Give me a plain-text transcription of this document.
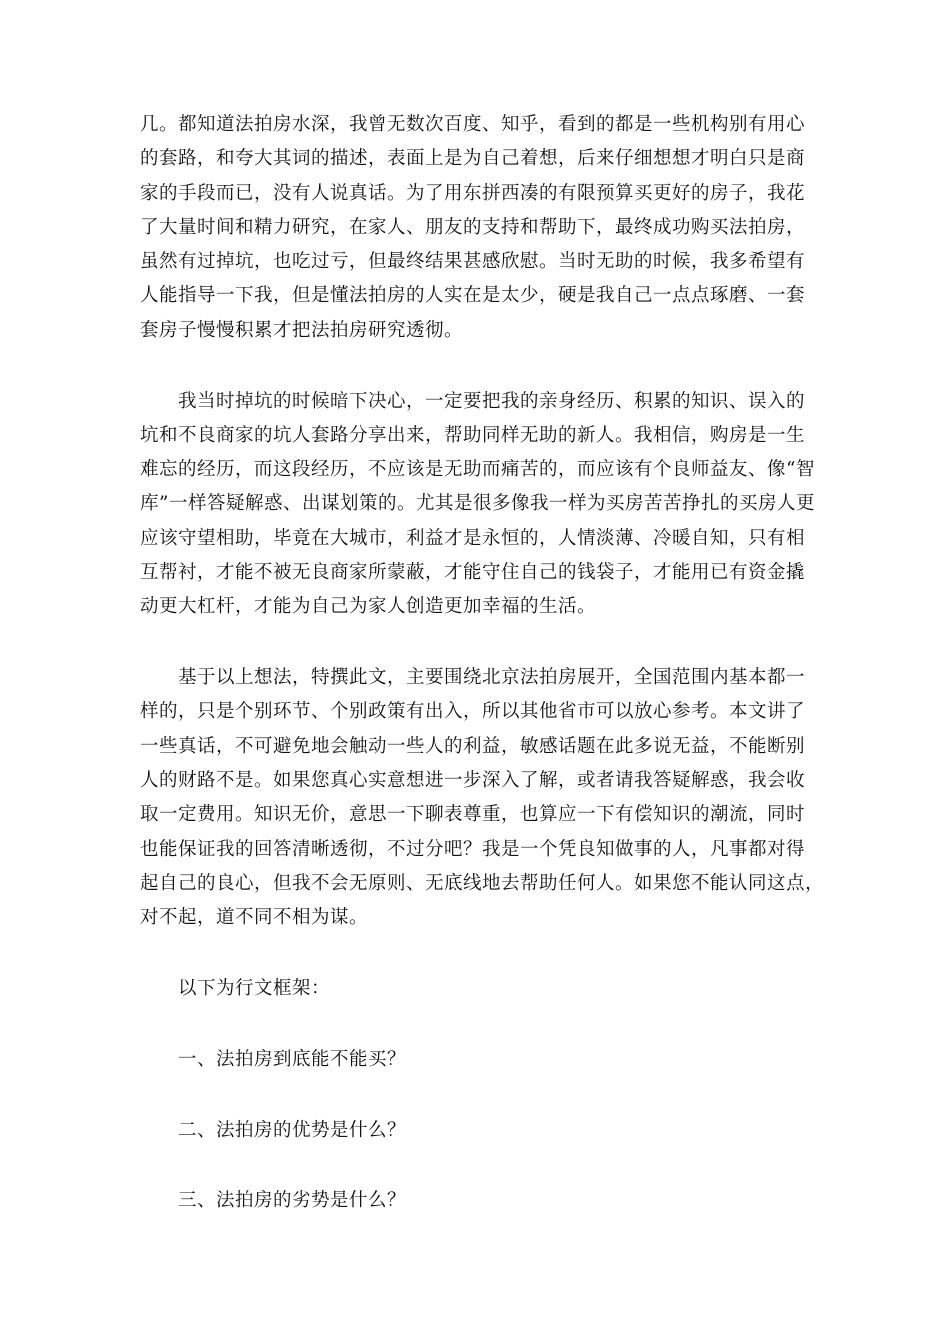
几。都知道法拍房水深，我曾无数次百度、知乎，看到的都是一些机构别有用心
的套路，和夸大其词的描述，表面上是为自己着想，后来仔细想想才明白只是商
家的手段而已，没有人说真话。为了用东拼西凑的有限预算买更好的房子，我花
了大量时间和精力研究，在家人、朋友的支持和帮助下，最终成功购买法拍房，
虽然有过掉坑，也吃过亏，但最终结果甚感欣慰。当时无助的时候，我多希望有
人能指导一下我，但是懂法拍房的人实在是太少，硬是我自己一点点琢磨、一套
套房子慢慢积累才把法拍房研究透彻。
　　我当时掉坑的时候暗下决心，一定要把我的亲身经历、积累的知识、误入的
坑和不良商家的坑人套路分享出来，帮助同样无助的新人。我相信，购房是一生
难忘的经历，而这段经历，不应该是无助而痛苦的，而应该有个良师益友、像“智
库”一样答疑解惑、出谋划策的。尤其是很多像我一样为买房苦苦挣扎的买房人更
应该守望相助，毕竟在大城市，利益才是永恒的，人情淡薄、冷暖自知，只有相
互帮衬，才能不被无良商家所蒙蔽，才能守住自己的钱袋子，才能用已有资金撬
动更大杠杆，才能为自己为家人创造更加幸福的生活。
　　基于以上想法，特撰此文，主要围绕北京法拍房展开，全国范围内基本都一
样的，只是个别环节、个别政策有出入，所以其他省市可以放心参考。本文讲了
一些真话，不可避免地会触动一些人的利益，敏感话题在此多说无益，不能断别
人的财路不是。如果您真心实意想进一步深入了解，或者请我答疑解惑，我会收
取一定费用。知识无价，意思一下聊表尊重，也算应一下有偿知识的潮流，同时
也能保证我的回答清晰透彻，不过分吧？我是一个凭良知做事的人，凡事都对得
起自己的良心，但我不会无原则、无底线地去帮助任何人。如果您不能认同这点，
对不起，道不同不相为谋。
　　以下为行文框架：
　　一、法拍房到底能不能买？
　　二、法拍房的优势是什么？
　　三、法拍房的劣势是什么？
